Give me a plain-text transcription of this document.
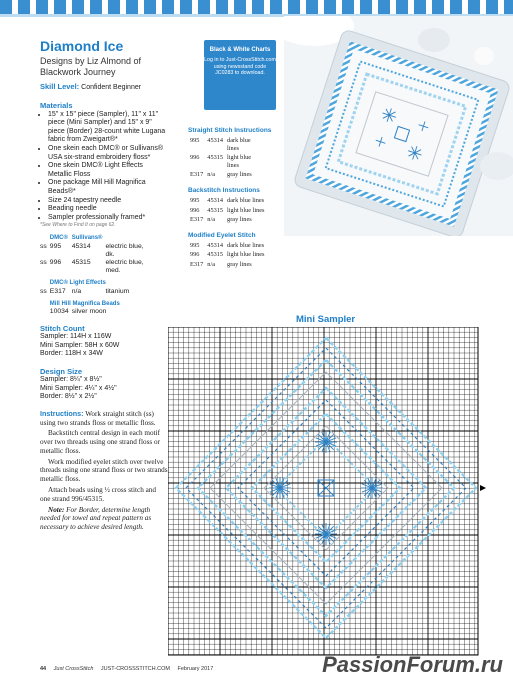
Diamond Ice
Designs by Liz Almond of Blackwork Journey
Skill Level: Confident Beginner
Materials
• 15" x 15" piece (Sampler), 11" x 11" piece (Mini Sampler) and 15" x 9" piece (Border) 28-count white Lugana fabric from Zweigart®*
• One skein each DMC® or Sullivans® USA six-strand embroidery floss*
• One skein DMC® Light Effects Metallic Floss
• One package Mill Hill Magnifica Beads®*
• Size 24 tapestry needle
• Beading needle
• Sampler professionally framed*
*See Where to Find It on page 62.
	DMC®	Sullivans®	
ss	995	45314	electric blue, dk.
ss	996	45315	electric blue, med.
	DMC® Light Effects		
ss	E317	n/a	titanium
	Mill Hill Magnifica Beads		
	10034	silver moon	
Stitch Count
Sampler: 114H x 116W
Mini Sampler: 58H x 60W
Border: 118H x 34W
Design Size
Sampler: 8¼" x 8½"
Mini Sampler: 4¼" x 4½"
Border: 8½" x 2½"

Instructions: Work straight stitch (ss) using two strands floss or metallic floss.

Backstitch central design in each motif over two threads using one strand floss or metallic floss.

Work modified eyelet stitch over twelve threads using one strand floss or two strands metallic floss.

Attach beads using ½ cross stitch and one strand 996/45315.

Note: For Border, determine length needed for towel and repeat pattern as necessary to achieve desired length.

Black & White Charts
Log in to Just-CrossStitch.com using newsstand code JC0283 to download.
Straight Stitch Instructions
995	45314	dark blue lines
996	45315	light blue lines
E317	n/a	gray lines
Backstitch Instructions
995	45314	dark blue lines
996	45315	light blue lines
E317	n/a	gray lines
Modified Eyelet Stitch
995	45314	dark blue lines
996	45315	light blue lines
E317	n/a	gray lines
Mini Sampler
44 Just CrossStitch JUST-CROSSSTITCH.COM February 2017	PassionForum.ru
